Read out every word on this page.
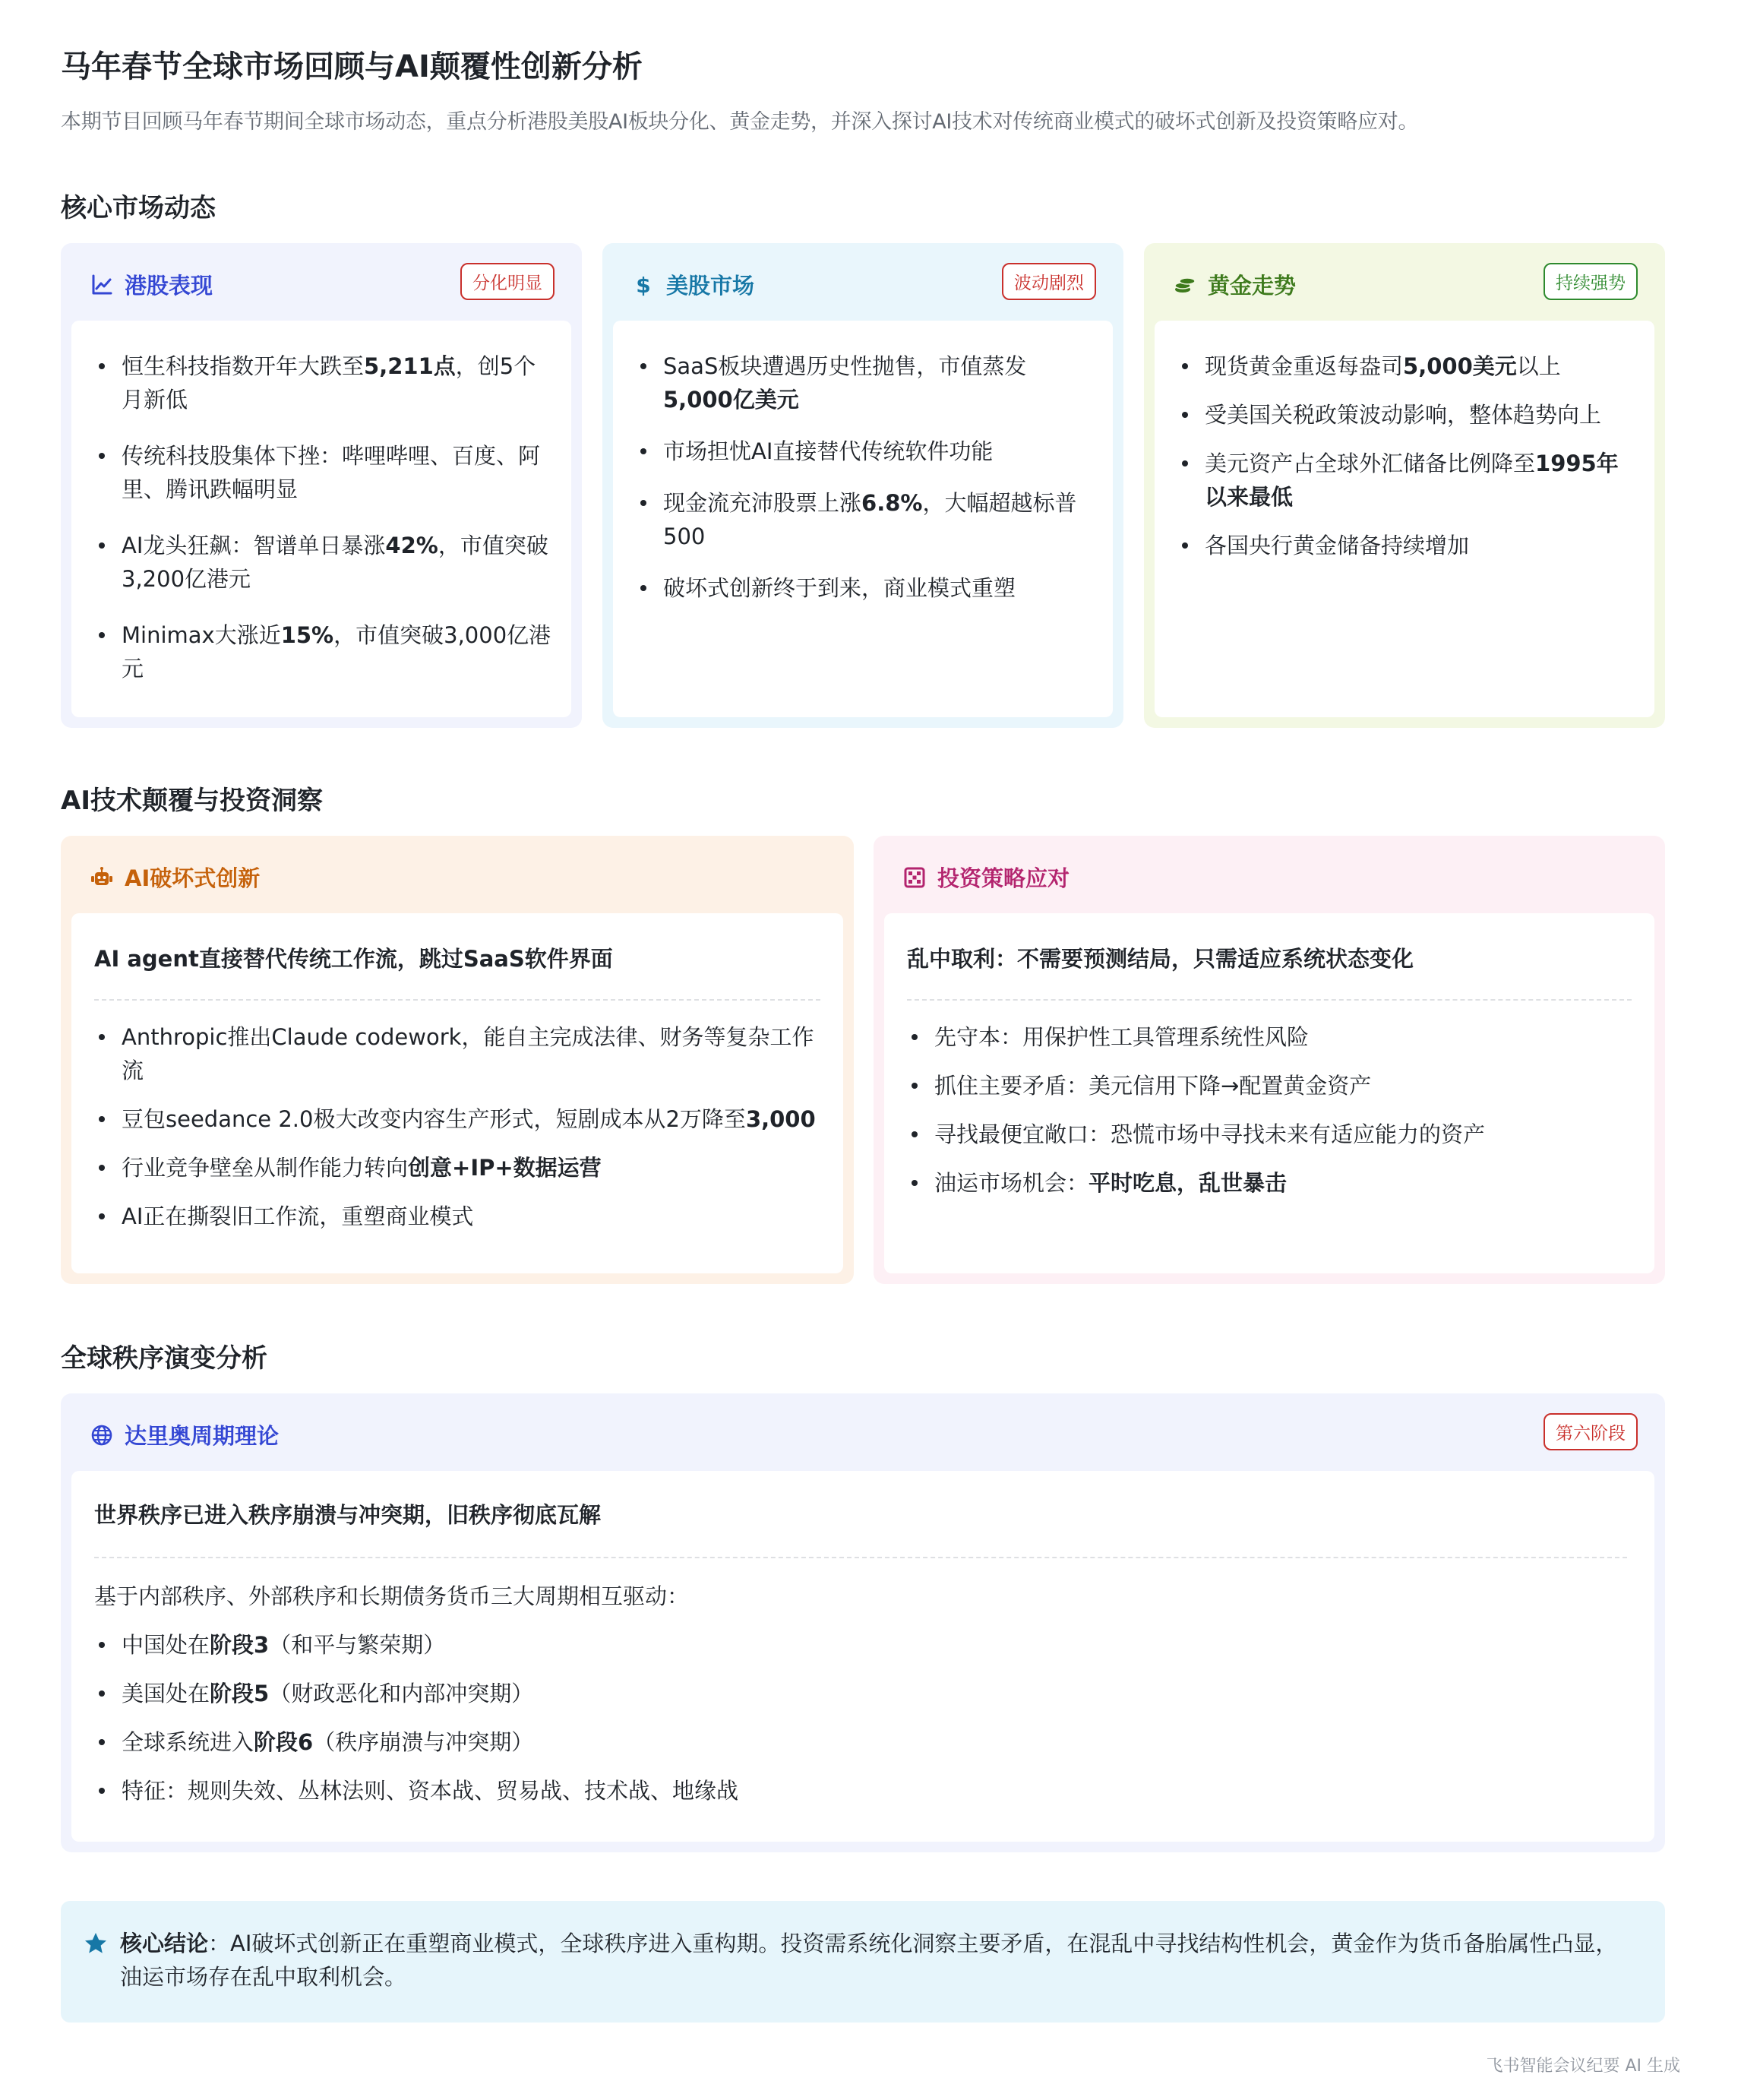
马年春节全球市场回顾与AI颠覆性创新分析

本期节目回顾马年春节期间全球市场动态，重点分析港股美股AI板块分化、黄金走势，并深入探讨AI技术对传统商业模式的破坏式创新及投资策略应对。

核心市场动态
港股表现	分化明显
恒生科技指数开年大跌至5,211点，创5个月新低
传统科技股集体下挫：哔哩哔哩、百度、阿里、腾讯跌幅明显
AI龙头狂飙：智谱单日暴涨42%，市值突破3,200亿港元
Minimax大涨近15%，市值突破3,000亿港元
$ 美股市场	波动剧烈
SaaS板块遭遇历史性抛售，市值蒸发5,000亿美元
市场担忧AI直接替代传统软件功能
现金流充沛股票上涨6.8%，大幅超越标普500
破坏式创新终于到来，商业模式重塑
黄金走势	持续强势
现货黄金重返每盎司5,000美元以上
受美国关税政策波动影响，整体趋势向上
美元资产占全球外汇储备比例降至1995年以来最低
各国央行黄金储备持续增加
AI技术颠覆与投资洞察
AI破坏式创新
AI agent直接替代传统工作流，跳过SaaS软件界面
Anthropic推出Claude codework，能自主完成法律、财务等复杂工作流
豆包seedance 2.0极大改变内容生产形式，短剧成本从2万降至3,000
行业竞争壁垒从制作能力转向创意+IP+数据运营
AI正在撕裂旧工作流，重塑商业模式
投资策略应对
乱中取利：不需要预测结局，只需适应系统状态变化
先守本：用保护性工具管理系统性风险
抓住主要矛盾：美元信用下降→配置黄金资产
寻找最便宜敞口：恐慌市场中寻找未来有适应能力的资产
油运市场机会：平时吃息，乱世暴击
全球秩序演变分析
达里奥周期理论	第六阶段
世界秩序已进入秩序崩溃与冲突期，旧秩序彻底瓦解
基于内部秩序、外部秩序和长期债务货币三大周期相互驱动：
中国处在阶段3（和平与繁荣期）
美国处在阶段5（财政恶化和内部冲突期）
全球系统进入阶段6（秩序崩溃与冲突期）
特征：规则失效、丛林法则、资本战、贸易战、技术战、地缘战
核心结论：AI破坏式创新正在重塑商业模式，全球秩序进入重构期。投资需系统化洞察主要矛盾，在混乱中寻找结构性机会，黄金作为货币备胎属性凸显，油运市场存在乱中取利机会。
飞书智能会议纪要 AI 生成
